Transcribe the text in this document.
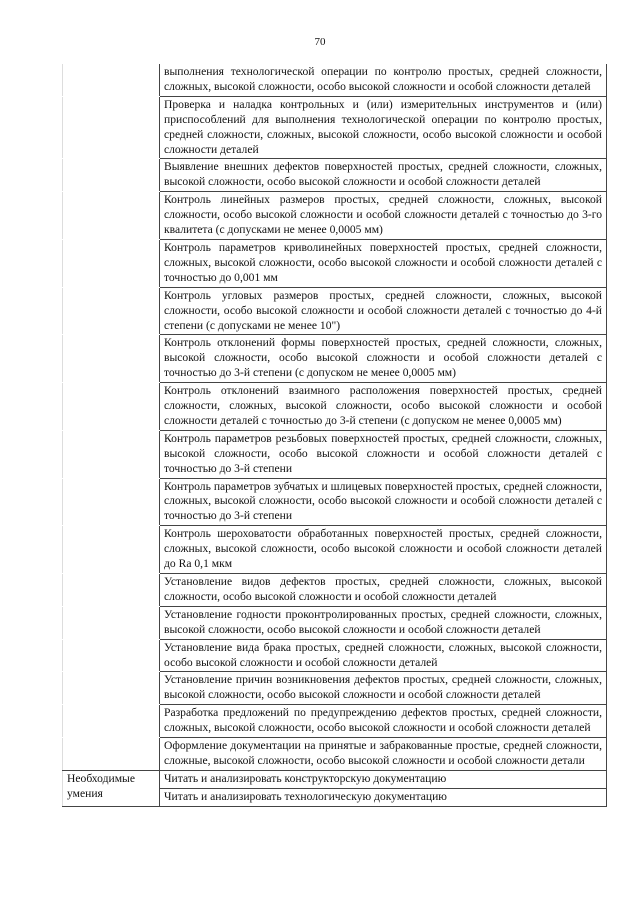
70
	выполнения технологической операции по контролю простых, средней сложности, сложных, высокой сложности, особо высокой сложности и особой сложности деталей
	Проверка и наладка контрольных и (или) измерительных инструментов и (или) приспособлений для выполнения технологической операции по контролю простых, средней сложности, сложных, высокой сложности, особо высокой сложности и особой сложности деталей
	Выявление внешних дефектов поверхностей простых, средней сложности, сложных, высокой сложности, особо высокой сложности и особой сложности деталей
	Контроль линейных размеров простых, средней сложности, сложных, высокой сложности, особо высокой сложности и особой сложности деталей с точностью до 3-го квалитета (с допусками не менее 0,0005 мм)
	Контроль параметров криволинейных поверхностей простых, средней сложности, сложных, высокой сложности, особо высокой сложности и особой сложности деталей с точностью до 0,001 мм
	Контроль угловых размеров простых, средней сложности, сложных, высокой сложности, особо высокой сложности и особой сложности деталей с точностью до 4-й степени (с допусками не менее 10")
	Контроль отклонений формы поверхностей простых, средней сложности, сложных, высокой сложности, особо высокой сложности и особой сложности деталей с точностью до 3-й степени (с допуском не менее 0,0005 мм)
	Контроль отклонений взаимного расположения поверхностей простых, средней сложности, сложных, высокой сложности, особо высокой сложности и особой сложности деталей с точностью до 3-й степени (с допуском не менее 0,0005 мм)
	Контроль параметров резьбовых поверхностей простых, средней сложности, сложных, высокой сложности, особо высокой сложности и особой сложности деталей с точностью до 3-й степени
	Контроль параметров зубчатых и шлицевых поверхностей простых, средней сложности, сложных, высокой сложности, особо высокой сложности и особой сложности деталей с точностью до 3-й степени
	Контроль шероховатости обработанных поверхностей простых, средней сложности, сложных, высокой сложности, особо высокой сложности и особой сложности деталей до Ra 0,1 мкм
	Установление видов дефектов простых, средней сложности, сложных, высокой сложности, особо высокой сложности и особой сложности деталей
	Установление годности проконтролированных простых, средней сложности, сложных, высокой сложности, особо высокой сложности и особой сложности деталей
	Установление вида брака простых, средней сложности, сложных, высокой сложности, особо высокой сложности и особой сложности деталей
	Установление причин возникновения дефектов простых, средней сложности, сложных, высокой сложности, особо высокой сложности и особой сложности деталей
	Разработка предложений по предупреждению дефектов простых, средней сложности, сложных, высокой сложности, особо высокой сложности и особой сложности деталей
	Оформление документации на принятые и забракованные простые, средней сложности, сложные, высокой сложности, особо высокой сложности и особой сложности детали
Необходимые умения	Читать и анализировать конструкторскую документацию
	Читать и анализировать технологическую документацию
